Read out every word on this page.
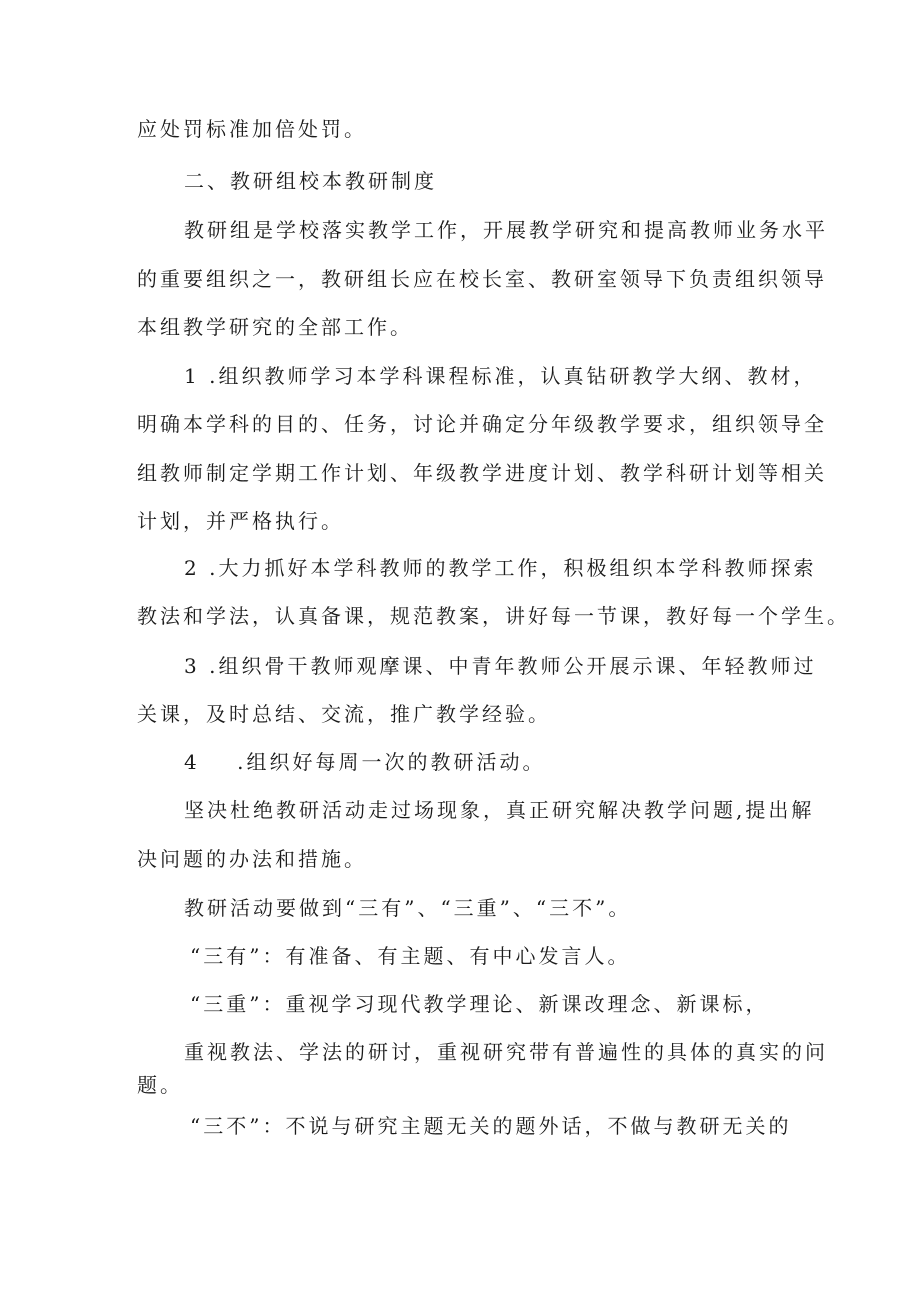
应处罚标准加倍处罚。
二、教研组校本教研制度
教研组是学校落实教学工作，开展教学研究和提高教师业务水平
的重要组织之一，教研组长应在校长室、教研室领导下负责组织领导
本组教学研究的全部工作。
1 .组织教师学习本学科课程标准，认真钻研教学大纲、教材，
明确本学科的目的、任务，讨论并确定分年级教学要求，组织领导全
组教师制定学期工作计划、年级教学进度计划、教学科研计划等相关
计划，并严格执行。
2 .大力抓好本学科教师的教学工作，积极组织本学科教师探索
教法和学法，认真备课，规范教案，讲好每一节课，教好每一个学生。
3 .组织骨干教师观摩课、中青年教师公开展示课、年轻教师过
关课，及时总结、交流，推广教学经验。
4    .组织好每周一次的教研活动。
坚决杜绝教研活动走过场现象，真正研究解决教学问题,提出解
决问题的办法和措施。
教研活动要做到“三有”、“三重”、“三不”。
“三有”：有准备、有主题、有中心发言人。
“三重”：重视学习现代教学理论、新课改理念、新课标，
重视教法、学法的研讨，重视研究带有普遍性的具体的真实的问
题。
“三不”：不说与研究主题无关的题外话，不做与教研无关的
